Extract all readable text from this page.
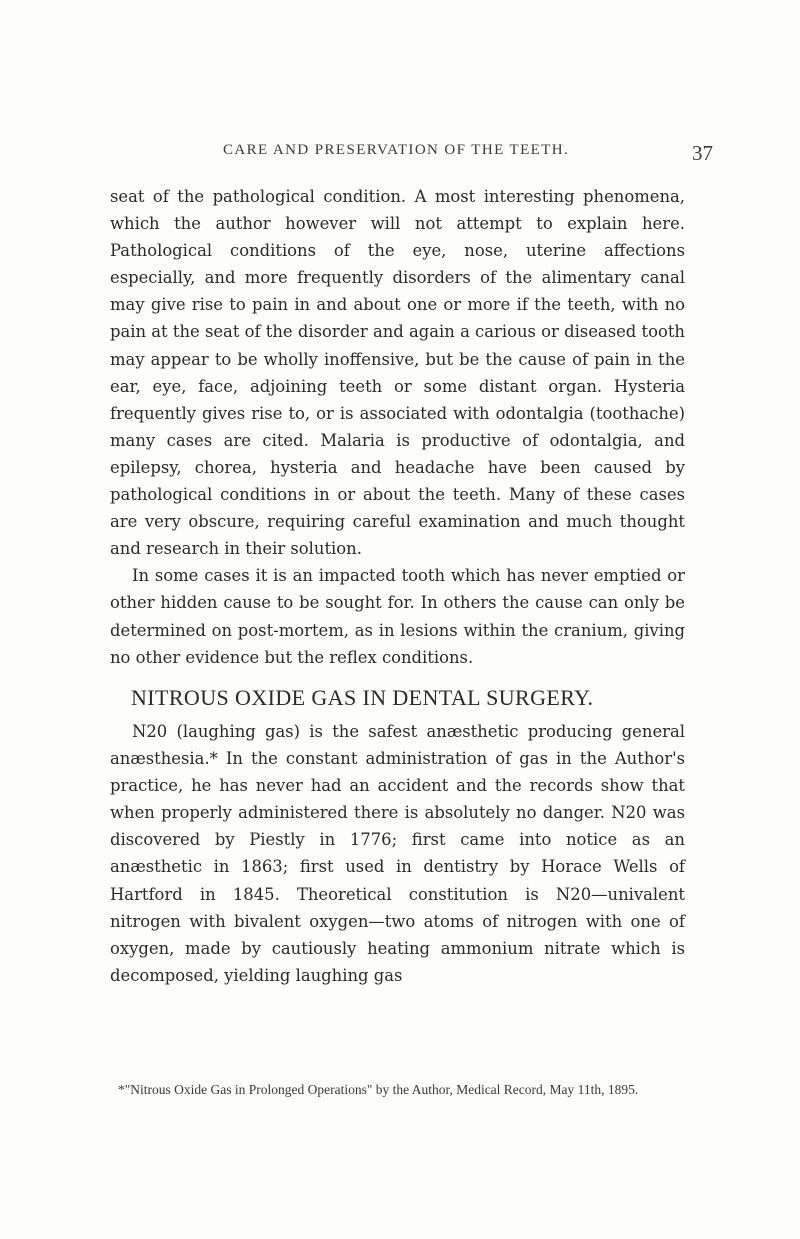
CARE AND PRESERVATION OF THE TEETH.	37

seat of the pathological condition. A most interesting phenomena, which the author however will not attempt to explain here. Pathological conditions of the eye, nose, uterine affections especially, and more frequently disorders of the alimentary canal may give rise to pain in and about one or more if the teeth, with no pain at the seat of the disorder and again a carious or diseased tooth may appear to be wholly inoffensive, but be the cause of pain in the ear, eye, face, adjoining teeth or some distant organ. Hysteria frequently gives rise to, or is associated with odontalgia (toothache) many cases are cited. Malaria is productive of odontalgia, and epilepsy, chorea, hysteria and headache have been caused by pathological conditions in or about the teeth. Many of these cases are very obscure, requiring careful examination and much thought and research in their solution.

In some cases it is an impacted tooth which has never emptied or other hidden cause to be sought for. In others the cause can only be determined on post-mortem, as in lesions within the cranium, giving no other evidence but the reflex conditions.

NITROUS OXIDE GAS IN DENTAL SURGERY.

N20 (laughing gas) is the safest anæsthetic producing general anæsthesia.* In the constant administration of gas in the Author's practice, he has never had an accident and the records show that when properly administered there is absolutely no danger. N20 was discovered by Piestly in 1776; first came into notice as an anæsthetic in 1863; first used in dentistry by Horace Wells of Hartford in 1845. Theoretical constitution is N20—univalent nitrogen with bivalent oxygen—two atoms of nitrogen with one of oxygen, made by cautiously heating ammonium nitrate which is decomposed, yielding laughing gas

*"Nitrous Oxide Gas in Prolonged Operations" by the Author, Medical Record, May 11th, 1895.
